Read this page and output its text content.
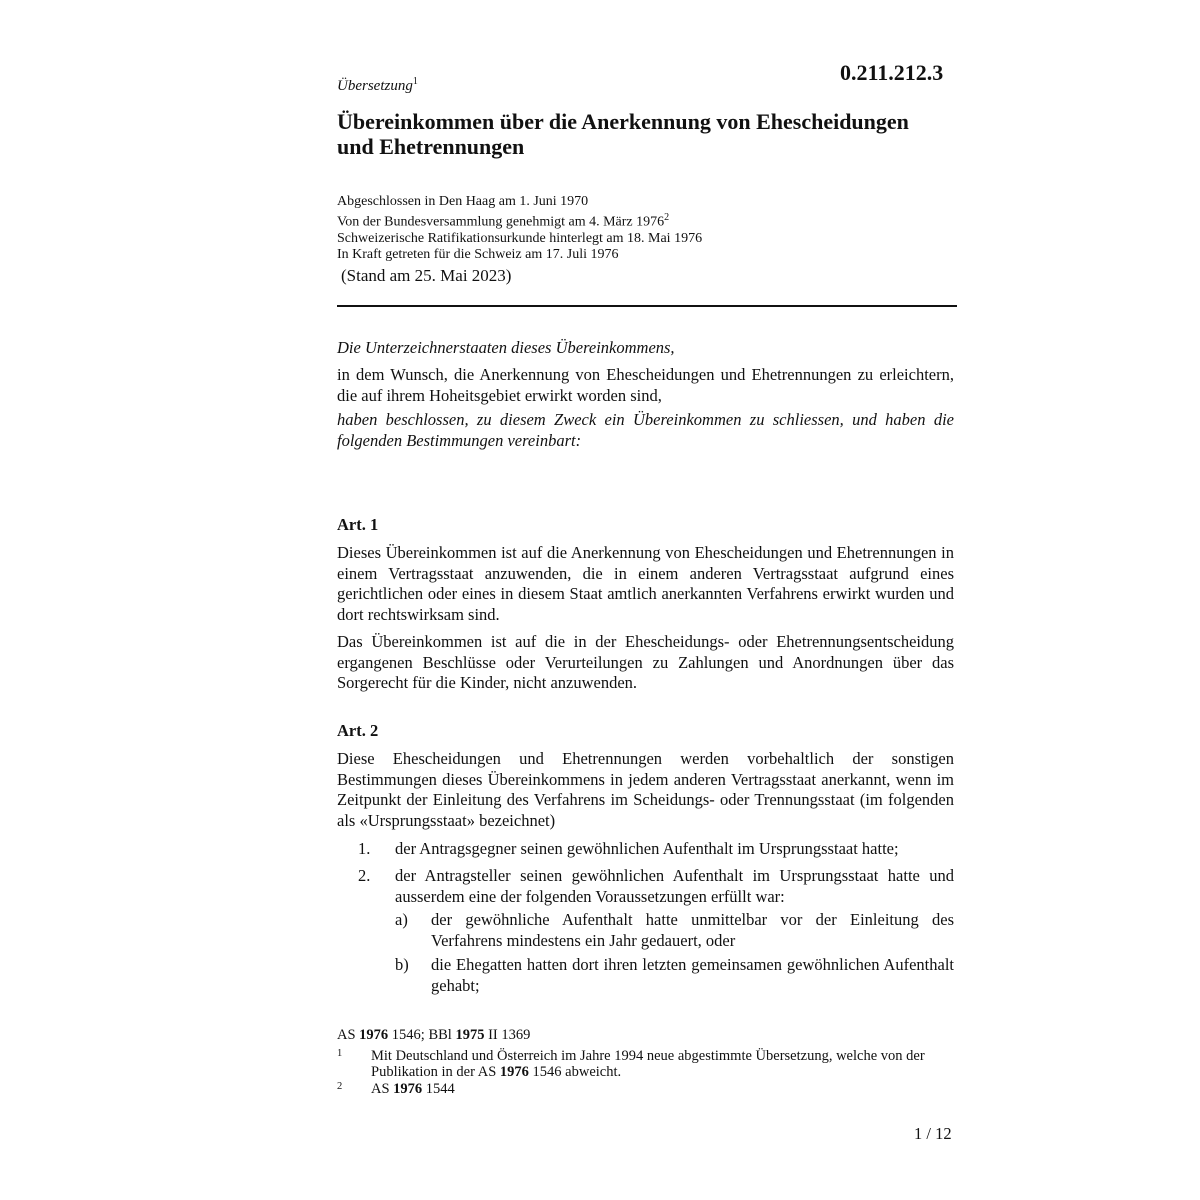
0.211.212.3
Übersetzung$^1$
Übereinkommen über die Anerkennung von Ehescheidungen und Ehetrennungen
Abgeschlossen in Den Haag am 1. Juni 1970
Von der Bundesversammlung genehmigt am 4. März 1976$^2$
Schweizerische Ratifikationsurkunde hinterlegt am 18. Mai 1976
In Kraft getreten für die Schweiz am 17. Juli 1976
(Stand am 25. Mai 2023)

Die Unterzeichnerstaaten dieses Übereinkommens,

in dem Wunsch, die Anerkennung von Ehescheidungen und Ehetrennungen zu erleichtern, die auf ihrem Hoheitsgebiet erwirkt worden sind,

haben beschlossen, zu diesem Zweck ein Übereinkommen zu schliessen, und haben die folgenden Bestimmungen vereinbart:

Art. 1

Dieses Übereinkommen ist auf die Anerkennung von Ehescheidungen und Ehetrennungen in einem Vertragsstaat anzuwenden, die in einem anderen Vertragsstaat aufgrund eines gerichtlichen oder eines in diesem Staat amtlich anerkannten Verfahrens erwirkt wurden und dort rechtswirksam sind.

Das Übereinkommen ist auf die in der Ehescheidungs- oder Ehetrennungsentscheidung ergangenen Beschlüsse oder Verurteilungen zu Zahlungen und Anordnungen über das Sorgerecht für die Kinder, nicht anzuwenden.

Art. 2

Diese Ehescheidungen und Ehetrennungen werden vorbehaltlich der sonstigen Bestimmungen dieses Übereinkommens in jedem anderen Vertragsstaat anerkannt, wenn im Zeitpunkt der Einleitung des Verfahrens im Scheidungs- oder Trennungsstaat (im folgenden als «Ursprungsstaat» bezeichnet)

1. der Antragsgegner seinen gewöhnlichen Aufenthalt im Ursprungsstaat hatte;
2. der Antragsteller seinen gewöhnlichen Aufenthalt im Ursprungsstaat hatte und ausserdem eine der folgenden Voraussetzungen erfüllt war:
a) der gewöhnliche Aufenthalt hatte unmittelbar vor der Einleitung des Verfahrens mindestens ein Jahr gedauert, oder
b) die Ehegatten hatten dort ihren letzten gemeinsamen gewöhnlichen Aufenthalt gehabt;
AS 1976 1546; BBl 1975 II 1369
1 Mit Deutschland und Österreich im Jahre 1994 neue abgestimmte Übersetzung, welche von der Publikation in der AS 1976 1546 abweicht.
2 AS 1976 1544
1 / 12
